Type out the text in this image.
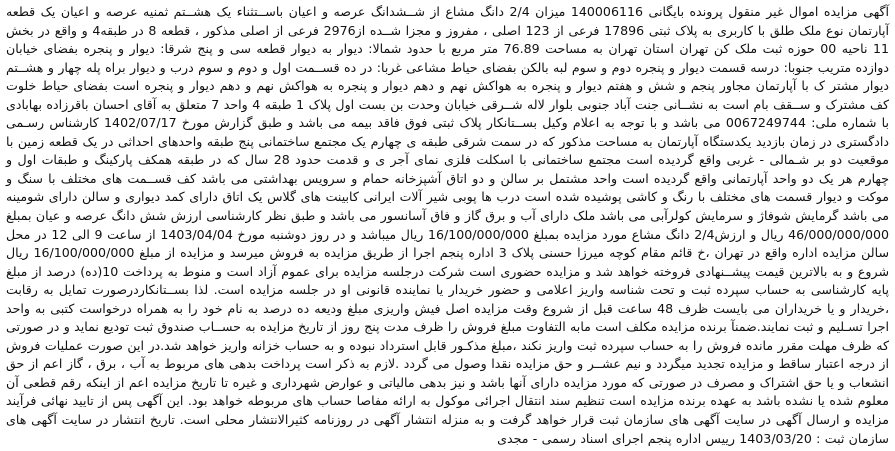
آگهی مزایده اموال غیر منقول پرونده بایگانی 140006116 میزان 2/4 دانگ مشاع از شــشدانگ عرصه و اعیان باســتثناء یک هشــتم ثمنیه عرصه و اعیان یک قطعه آپارتمان نوع ملک طلق با کاربری به پلاک ثبتی 17896 فرعی از 123 اصلی ، مفروز و مجزا شــده از2976 فرعی از اصلی مذکور ، قطعه 8 در طبقه4 و واقع در بخش 11 ناحیه 00 حوزه ثبت ملک کن تهران استان تهران به مساحت 76.89 متر مربع با حدود شمالا: دیوار به دیوار قطعه سی و پنج شرقا: دیوار و پنجره بفضای خیابان دوازده متریب جنوبا: درسه قسمت دیوار و پنجره دوم و سوم لبه بالکن بفضای حیاط مشاعی غربا: در ده قســمت اول و دوم و سوم درب و دیوار براه پله چهار و هشــتم دیوار مشتر ک با آپارتمان مجاور پنجم و شش و هفتم دیوار و پنجره به هواکش نهم و دهم دیوار و پنجره به هواکش نهم و دهم دیوار و پنجره است بفضای حیاط خلوت کف مشترک و ســقف بام است به نشــانی جنت آباد جنوبی بلوار لاله شــرقی خیابان وحدت بن بست اول پلاک 1 طبقه 4 واحد 7 متعلق به آقای احسان باقرزاده بهابادی با شماره ملی: 0067249744 می باشد و با توجه به اعلام وکیل بســتانکار پلاک ثبتی فوق فاقد بیمه می باشد و طبق گزارش مورخ 1402/07/17 کارشناس رسـمی دادگستری در زمان بازدید یکدستگاه آپارتمان به مساحت مذکور که در سمت شرقی طبقه ی چهارم یک مجتمع ساختمانی پنج طبقه واحدهای احداثی در یک قطعه زمین با موقعیت دو بر شـمالی - غربی واقع گردیده است مجتمع ساختمانی با اسکلت فلزی نمای آجر ی و قدمت حدود 28 سال که در طبقه همکف پارکینگ و طبقات اول و چهارم هر یک دو واحد آپارتمانی واقع گردیده است واحد مشتمل بر سالن و دو اتاق آشپزخانه حمام و سرویس بهداشتی می باشد کف قســمت های مختلف با سنگ و موکت و دیوار قسمت های مختلف با رنگ و کاشی پوشیده شده است درب ها پوبی شیر آلات ایرانی کابینت های گلاس یک اتاق دارای کمد دیواری و سالن دارای شومینه می باشد گرمایش شوفاژ و سرمایش کولرآبی می باشد ملک دارای آب و برق گاز و فاق آسانسور می باشد و طبق نظر کارشناسی ارزش شش دانگ عرصه و عیان بمبلغ 46/000/000/000 ریال و ارزش2/4 دانگ مشاع مورد مزایده بمبلغ 16/100/000/000 ریال میباشد و در روز دوشنبه مورخ 1403/04/04 از ساعت 9 الی 12 در محل سالن مزایده اداره واقع در تهران ،خ قائم مقام کوچه میرزا حسنی پلاک 3 اداره پنجم اجرا از طریق مزایده به فروش میرسد و مزایده از مبلغ 16/100/000/000 ریال شروع و به بالاترین قیمت پیشــنهادی فروخته خواهد شد و مزایده حضوری است شرکت درجلسه مزایده برای عموم آزاد است و منوط به پرداخت 10(ده) درصد از مبلغ پایه کارشناسی به حساب سپرده ثبت و تحت شناسه واریز اعلامی و حضور خریدار یا نماینده قانونی او در جلسه مزایده است. لذا بســتانکاردرصورت تمایل به رقابت ،خریدار و یا خریداران می بایست ظرف 48 ساعت قبل از شروع وقت مزایده اصل فیش واریزی مبلغ ودیعه ده درصد به نام خود را به همراه درخواست کتبی به واحد اجرا تسـلیم و ثبت نمایند.ضمنآ برنده مزایده مکلف است مابه التفاوت مبلغ فروش را ظرف مدت پنج روز از تاریخ مزایده به حســاب صندوق ثبت توديع نمايد و در صورتی که ظرف مهلت مقرر مانده فروش را به حساب سپرده ثبت واریز نکند ،مبلغ مذکـور قابل استرداد نبوده و به حساب خزانه واریز خواهد شد.در این صورت عملیات فروش از درجه اعتبار ساقط و مزایده تجدید میگردد و نیم عشــر و حق مزایده نقدا وصول می گردد .لازم به ذکر است پرداخت بدهی های مربوط به آب ، برق ، گاز اعم از حق انشعاب و یا حق اشتراک و مصرف در صورتی که مورد مزایده دارای آنها باشد و نیز بدهی مالیاتی و عوارض شهرداری و غیره تا تاریخ مزایده اعم از اینکه رقم قطعی آن معلوم شده یا نشده باشد به عهده برنده مزایده است تنظیم سند انتقال اجرائی موکول به ارائه مفاصا حساب های مربوطه خواهد بود. این آگهی پس از تایید نهائی فرآیند مزایده و ارسال آگهی در سایت آگهی های سازمان ثبت قرار خواهد گرفت و به منزله انتشار آگهی در روزنامه کثیرالانتشار محلی است. تاریخ انتشار در سایت آگهی های سازمان ثبت : 1403/03/20 رییس اداره پنجم اجرای اسناد رسمی - مجدی
